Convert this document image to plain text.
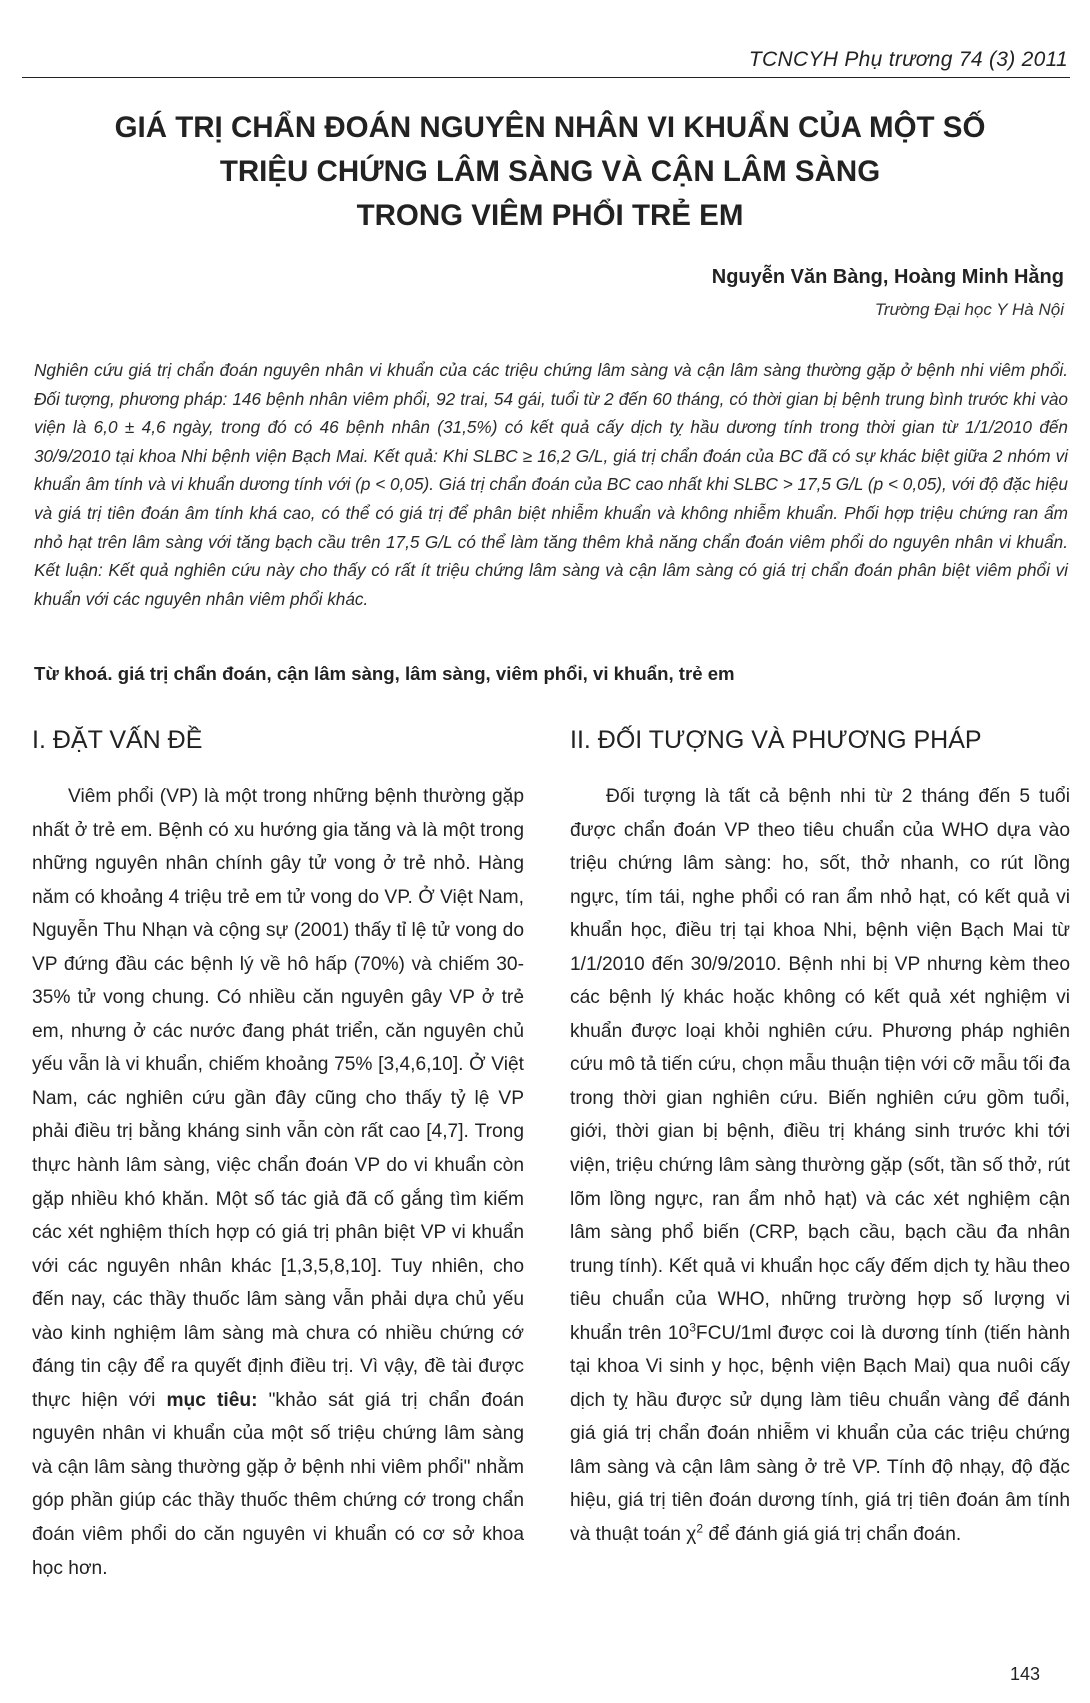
TCNCYH Phụ trương 74 (3) 2011
GIÁ TRỊ CHẨN ĐOÁN NGUYÊN NHÂN VI KHUẨN CỦA MỘT SỐ
TRIỆU CHỨNG LÂM SÀNG VÀ CẬN LÂM SÀNG
TRONG VIÊM PHỔI TRẺ EM
Nguyễn Văn Bàng, Hoàng Minh Hằng
Trường Đại học Y Hà Nội
Nghiên cứu giá trị chẩn đoán nguyên nhân vi khuẩn của các triệu chứng lâm sàng và cận lâm sàng thường gặp ở bệnh nhi viêm phổi. Đối tượng, phương pháp: 146 bệnh nhân viêm phổi, 92 trai, 54 gái, tuổi từ 2 đến 60 tháng, có thời gian bị bệnh trung bình trước khi vào viện là 6,0 ± 4,6 ngày, trong đó có 46 bệnh nhân (31,5%) có kết quả cấy dịch tỵ hầu dương tính trong thời gian từ 1/1/2010 đến 30/9/2010 tại khoa Nhi bệnh viện Bạch Mai. Kết quả: Khi SLBC ≥ 16,2 G/L, giá trị chẩn đoán của BC đã có sự khác biệt giữa 2 nhóm vi khuẩn âm tính và vi khuẩn dương tính với (p < 0,05). Giá trị chẩn đoán của BC cao nhất khi SLBC > 17,5 G/L (p < 0,05), với độ đặc hiệu và giá trị tiên đoán âm tính khá cao, có thể có giá trị để phân biệt nhiễm khuẩn và không nhiễm khuẩn. Phối hợp triệu chứng ran ẩm nhỏ hạt trên lâm sàng với tăng bạch cầu trên 17,5 G/L có thể làm tăng thêm khả năng chẩn đoán viêm phổi do nguyên nhân vi khuẩn. Kết luận: Kết quả nghiên cứu này cho thấy có rất ít triệu chứng lâm sàng và cận lâm sàng có giá trị chẩn đoán phân biệt viêm phổi vi khuẩn với các nguyên nhân viêm phổi khác.
Từ khoá. giá trị chẩn đoán, cận lâm sàng, lâm sàng, viêm phổi, vi khuẩn, trẻ em
I. ĐẶT VẤN ĐỀ	II. ĐỐI TƯỢNG VÀ PHƯƠNG PHÁP
Viêm phổi (VP) là một trong những bệnh thường gặp nhất ở trẻ em. Bệnh có xu hướng gia tăng và là một trong những nguyên nhân chính gây tử vong ở trẻ nhỏ. Hàng năm có khoảng 4 triệu trẻ em tử vong do VP. Ở Việt Nam, Nguyễn Thu Nhạn và cộng sự (2001) thấy tỉ lệ tử vong do VP đứng đầu các bệnh lý về hô hấp (70%) và chiếm 30-35% tử vong chung. Có nhiều căn nguyên gây VP ở trẻ em, nhưng ở các nước đang phát triển, căn nguyên chủ yếu vẫn là vi khuẩn, chiếm khoảng 75% [3,4,6,10]. Ở Việt Nam, các nghiên cứu gần đây cũng cho thấy tỷ lệ VP phải điều trị bằng kháng sinh vẫn còn rất cao [4,7]. Trong thực hành lâm sàng, việc chẩn đoán VP do vi khuẩn còn gặp nhiều khó khăn. Một số tác giả đã cố gắng tìm kiếm các xét nghiệm thích hợp có giá trị phân biệt VP vi khuẩn với các nguyên nhân khác [1,3,5,8,10]. Tuy nhiên, cho đến nay, các thầy thuốc lâm sàng vẫn phải dựa chủ yếu vào kinh nghiệm lâm sàng mà chưa có nhiều chứng cớ đáng tin cậy để ra quyết định điều trị. Vì vậy, đề tài được thực hiện với mục tiêu: "khảo sát giá trị chẩn đoán nguyên nhân vi khuẩn của một số triệu chứng lâm sàng và cận lâm sàng thường gặp ở bệnh nhi viêm phổi" nhằm góp phần giúp các thầy thuốc thêm chứng cớ trong chẩn đoán viêm phổi do căn nguyên vi khuẩn có cơ sở khoa học hơn.
Đối tượng là tất cả bệnh nhi từ 2 tháng đến 5 tuổi được chẩn đoán VP theo tiêu chuẩn của WHO dựa vào triệu chứng lâm sàng: ho, sốt, thở nhanh, co rút lồng ngực, tím tái, nghe phổi có ran ẩm nhỏ hạt, có kết quả vi khuẩn học, điều trị tại khoa Nhi, bệnh viện Bạch Mai từ 1/1/2010 đến 30/9/2010. Bệnh nhi bị VP nhưng kèm theo các bệnh lý khác hoặc không có kết quả xét nghiệm vi khuẩn được loại khỏi nghiên cứu. Phương pháp nghiên cứu mô tả tiến cứu, chọn mẫu thuận tiện với cỡ mẫu tối đa trong thời gian nghiên cứu. Biến nghiên cứu gồm tuổi, giới, thời gian bị bệnh, điều trị kháng sinh trước khi tới viện, triệu chứng lâm sàng thường gặp (sốt, tần số thở, rút lõm lồng ngực, ran ẩm nhỏ hạt) và các xét nghiệm cận lâm sàng phổ biến (CRP, bạch cầu, bạch cầu đa nhân trung tính). Kết quả vi khuẩn học cấy đếm dịch tỵ hầu theo tiêu chuẩn của WHO, những trường hợp số lượng vi khuẩn trên $10^3FCU/1ml$ được coi là dương tính (tiến hành tại khoa Vi sinh y học, bệnh viện Bạch Mai) qua nuôi cấy dịch tỵ hầu được sử dụng làm tiêu chuẩn vàng để đánh giá giá trị chẩn đoán nhiễm vi khuẩn của các triệu chứng lâm sàng và cận lâm sàng ở trẻ VP. Tính độ nhạy, độ đặc hiệu, giá trị tiên đoán dương tính, giá trị tiên đoán âm tính và thuật toán $\chi^2$ để đánh giá giá trị chẩn đoán.
143
